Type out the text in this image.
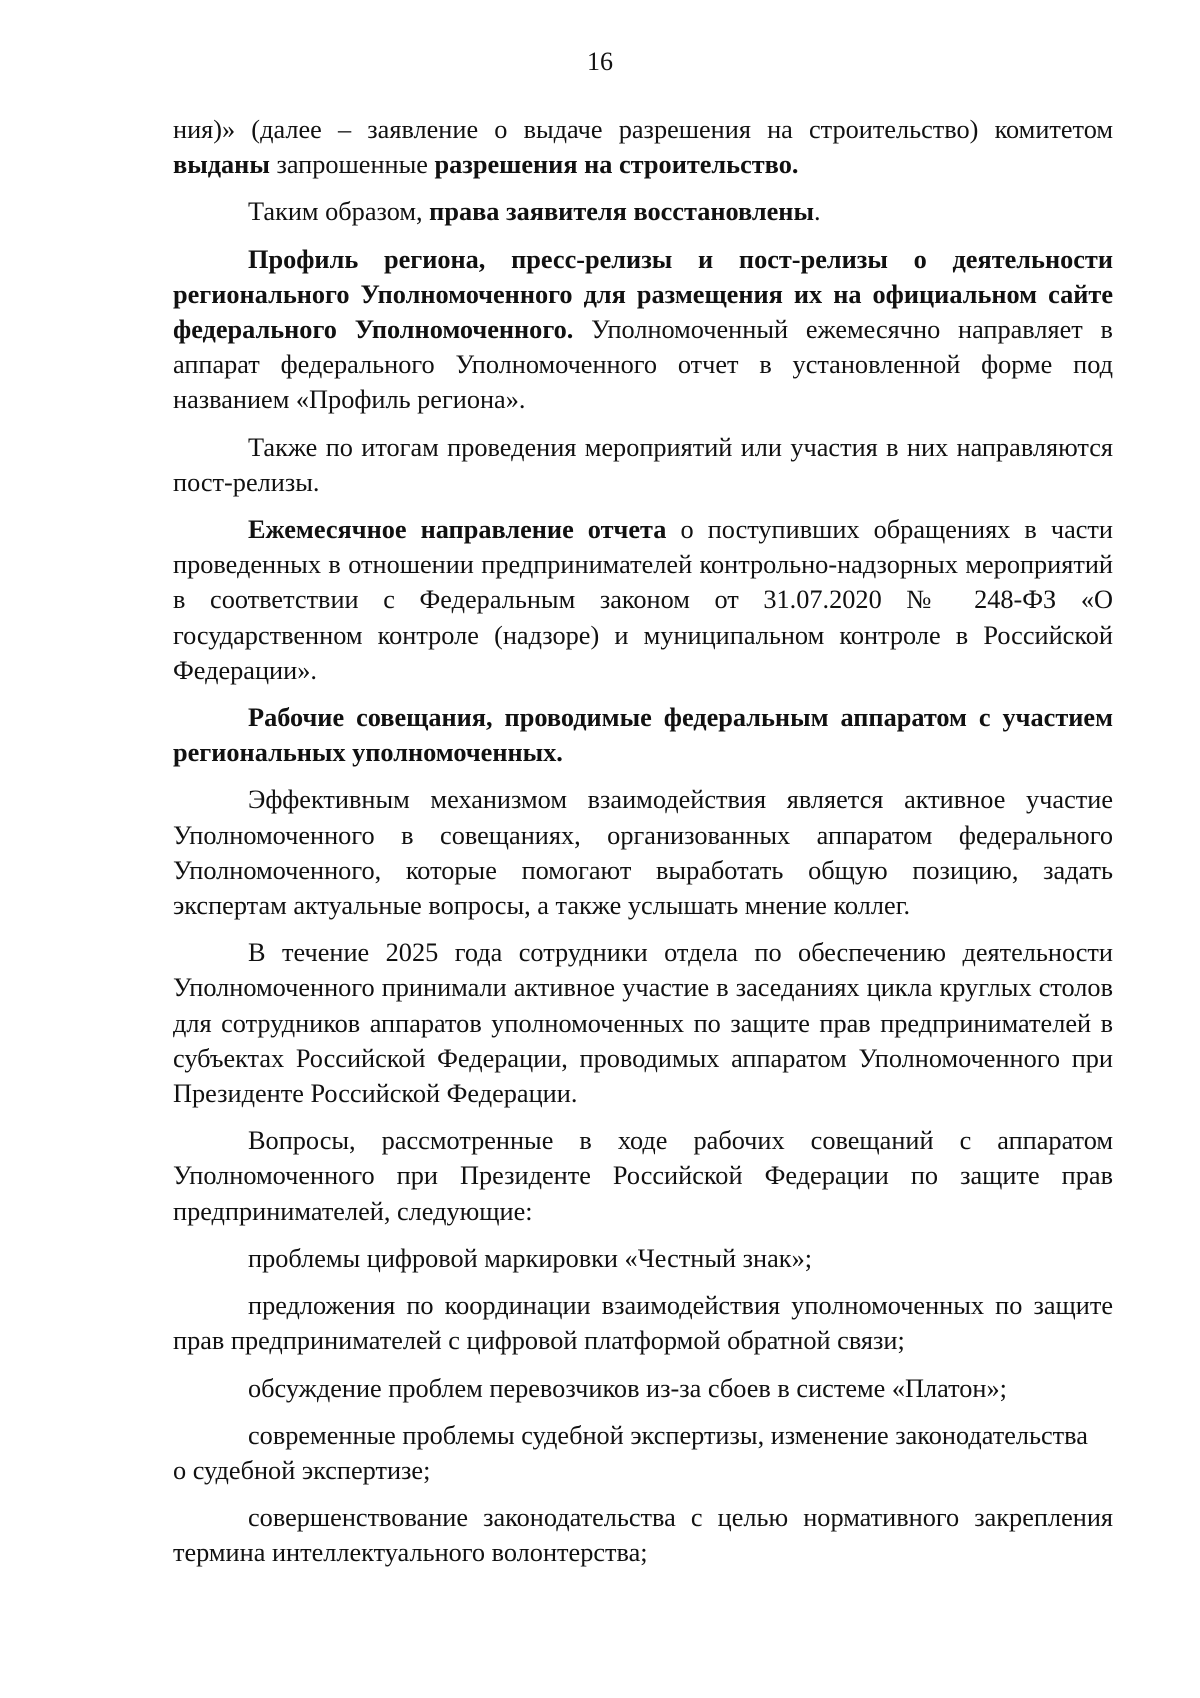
16

ния)» (далее – заявление о выдаче разрешения на строительство) комитетом выданы запрошенные разрешения на строительство.

Таким образом, права заявителя восстановлены.

Профиль региона, пресс-релизы и пост-релизы о деятельности регионального Уполномоченного для размещения их на официальном сайте федерального Уполномоченного. Уполномоченный ежемесячно направляет в аппарат федерального Уполномоченного отчет в установленной форме под названием «Профиль региона».

Также по итогам проведения мероприятий или участия в них направляются пост-релизы.

Ежемесячное направление отчета о поступивших обращениях в части проведенных в отношении предпринимателей контрольно-надзорных мероприятий в соответствии с Федеральным законом от 31.07.2020 № 248-ФЗ «О государственном контроле (надзоре) и муниципальном контроле в Российской Федерации».

Рабочие совещания, проводимые федеральным аппаратом с участием региональных уполномоченных.

Эффективным механизмом взаимодействия является активное участие Уполномоченного в совещаниях, организованных аппаратом федерального Уполномоченного, которые помогают выработать общую позицию, задать экспертам актуальные вопросы, а также услышать мнение коллег.

В течение 2025 года сотрудники отдела по обеспечению деятельности Уполномоченного принимали активное участие в заседаниях цикла круглых столов для сотрудников аппаратов уполномоченных по защите прав предпринимателей в субъектах Российской Федерации, проводимых аппаратом Уполномоченного при Президенте Российской Федерации.

Вопросы, рассмотренные в ходе рабочих совещаний с аппаратом Уполномоченного при Президенте Российской Федерации по защите прав предпринимателей, следующие:

проблемы цифровой маркировки «Честный знак»;

предложения по координации взаимодействия уполномоченных по защите прав предпринимателей с цифровой платформой обратной связи;

обсуждение проблем перевозчиков из-за сбоев в системе «Платон»;

современные проблемы судебной экспертизы, изменение законодательства

о судебной экспертизе;

совершенствование законодательства с целью нормативного закрепления термина интеллектуального волонтерства;
